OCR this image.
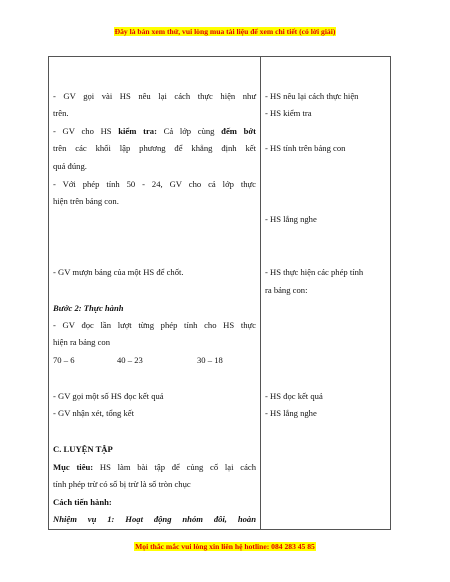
Đây là bản xem thử, vui lòng mua tài liệu để xem chi tiết (có lời giải)
- GV gọi vài HS nêu lại cách thực hiện như
trên.
- GV cho HS kiểm tra: Cả lớp cùng đếm bớt
trên các khối lập phương để khẳng định kết
quả đúng.
- Với phép tính 50 - 24, GV cho cả lớp thực
hiện trên bảng con.
- GV mượn bảng của một HS để chốt.
Bước 2: Thực hành
- GV đọc lần lượt từng phép tính cho HS thực
hiện ra bảng con
70 – 6	40 – 23	30 – 18
- GV gọi một số HS đọc kết quả
- GV nhận xét, tổng kết
C. LUYỆN TẬP
Mục tiêu: HS làm bài tập để củng cố lại cách
tính phép trừ có số bị trừ là số tròn chục
Cách tiến hành:
Nhiệm vụ 1: Hoạt động nhóm đôi, hoàn
- HS nêu lại cách thực hiện
- HS kiểm tra
- HS tính trên bảng con
- HS lắng nghe
- HS thực hiện các phép tính
ra bảng con:
- HS đọc kết quả
- HS lắng nghe
Mọi thắc mắc vui lòng xin liên hệ hotline: 084 283 45 85
